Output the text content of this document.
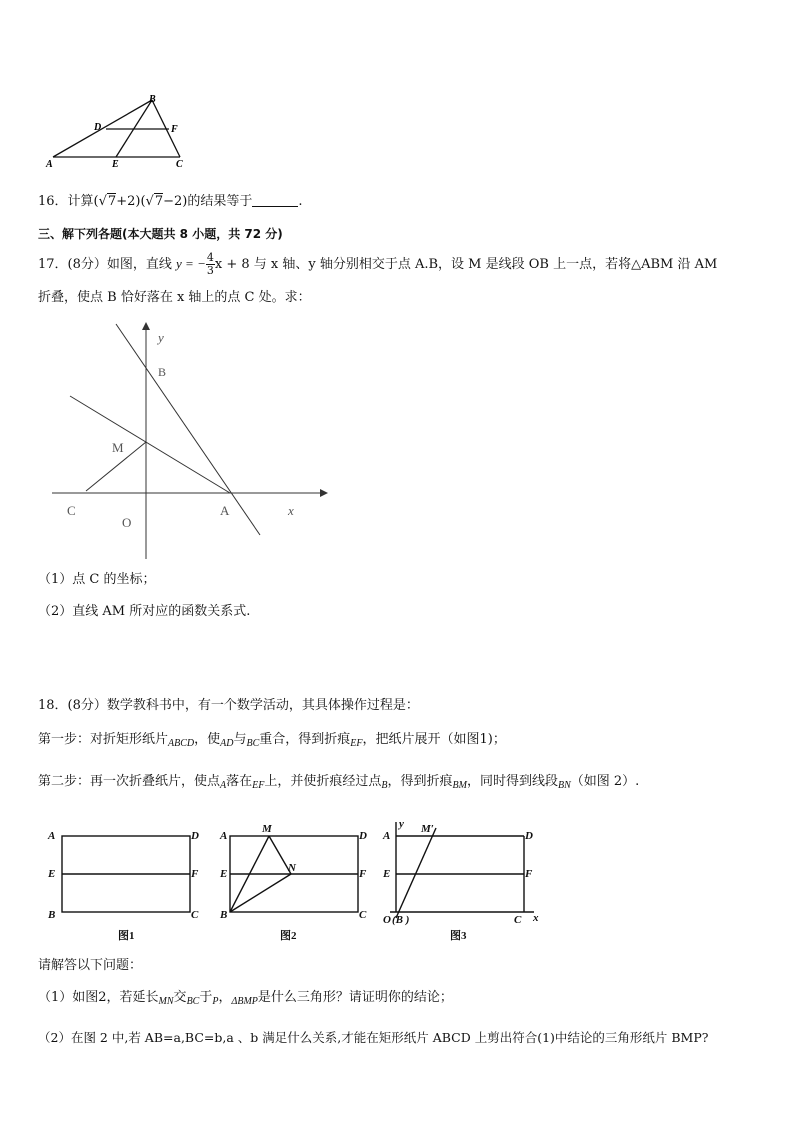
B
D	F
A	E	C
16．计算(√7+2)(√7−2)的结果等于	.
三、解下列各题(本大题共 8 小题，共 72 分)
17．(8分）如图，直线 y = − $\frac{4}{3}$ x + 8 与 x 轴、y 轴分别相交于点 A.B，设 M 是线段 OB 上一点，若将△ABM 沿 AM
折叠，使点 B 恰好落在 x 轴上的点 C 处。求：
y
B
M
C
O
A	x
（1）点 C 的坐标；
（2）直线 AM 所对应的函数关系式.
18．(8分）数学教科书中，有一个数学活动，其具体操作过程是：
第一步：对折矩形纸片$_{ABCD}$，使$_{AD}$与$_{BC}$重合，得到折痕$_{EF}$，把纸片展开（如图1)；
第二步：再一次折叠纸片，使点$_A$落在$_{EF}$上，并使折痕经过点$_B$，得到折痕$_{BM}$，同时得到线段$_{BN}$（如图 2）.
A	D
E	F
B	C
A
M
D
E	N	F
B	C
y M′
A	D
E	F
O (B )	C x
图1	图2	图3
请解答以下问题：
（1）如图2，若延长$_{MN}$交$_{BC}$于$_P$，$_{\Delta BMP}$是什么三角形？请证明你的结论；
（2）在图 2 中,若 AB=a,BC=b,a 、b 满足什么关系,才能在矩形纸片 ABCD 上剪出符合(1)中结论的三角形纸片 BMP?
